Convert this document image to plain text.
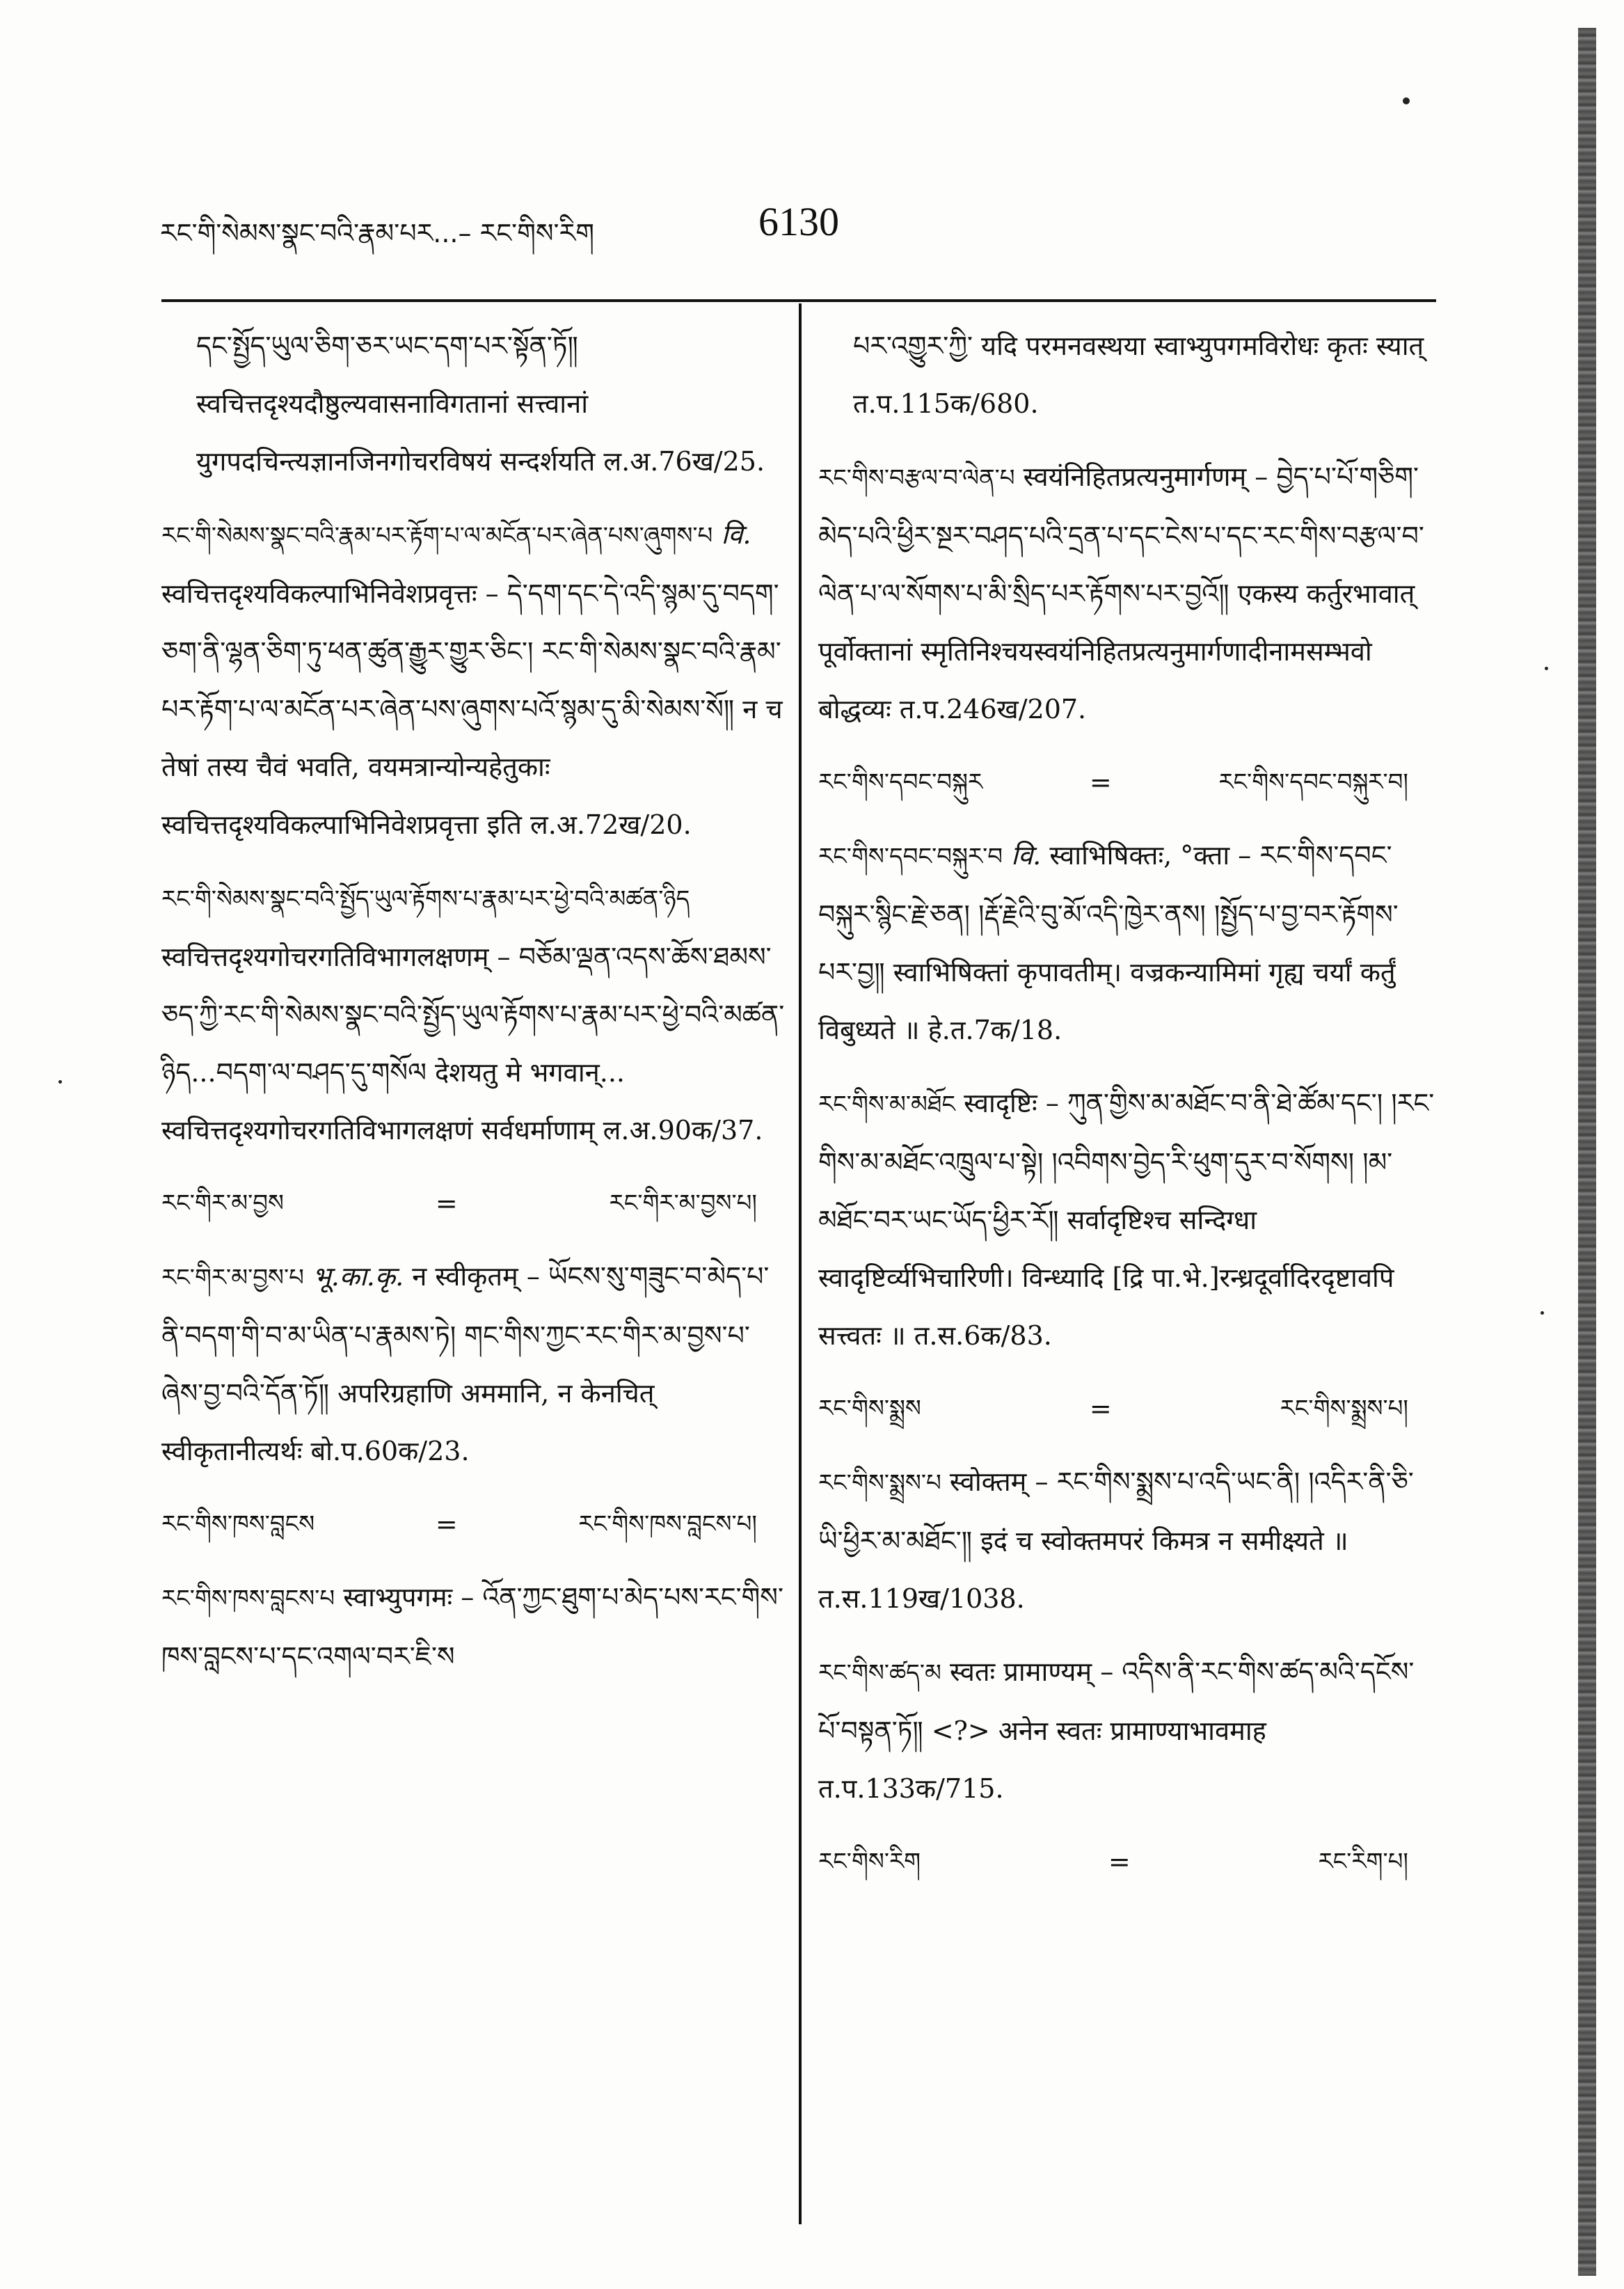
རང་གི་སེམས་སྣང་བའི་རྣམ་པར...– རང་གིས་རིག	6130

དང་སྤྱོད་ཡུལ་ཅིག་ཅར་ཡང་དག་པར་སྟོན་ཏོ༎ स्वचित्तदृश्यदौष्ठुल्यवासनाविगतानां सत्त्वानां युगपदचिन्त्यज्ञानजिनगोचरविषयं सन्दर्शयति ल.अ.76ख/25.

རང་གི་སེམས་སྣང་བའི་རྣམ་པར་རྟོག་པ་ལ་མངོན་པར་ཞེན་པས་ཞུགས་པ वि. स्वचित्तदृश्यविकल्पाभिनिवेशप्रवृत्तः – དེ་དག་དང་དེ་འདི་སྙམ་དུ་བདག་ཅག་ནི་ལྷན་ཅིག་ཏུ་ཕན་ཚུན་རྒྱུར་གྱུར་ཅིང་། རང་གི་སེམས་སྣང་བའི་རྣམ་པར་རྟོག་པ་ལ་མངོན་པར་ཞེན་པས་ཞུགས་པའོ་སྙམ་དུ་མི་སེམས་སོ༎ न च तेषां तस्य चैवं भवति, वयमत्रान्योन्यहेतुकाः स्वचित्तदृश्यविकल्पाभिनिवेशप्रवृत्ता इति ल.अ.72ख/20.

རང་གི་སེམས་སྣང་བའི་སྤྱོད་ཡུལ་རྟོགས་པ་རྣམ་པར་ཕྱེ་བའི་མཚན་ཉིད स्वचित्तदृश्यगोचरगतिविभागलक्षणम् – བཅོམ་ལྡན་འདས་ཆོས་ཐམས་ཅད་ཀྱི་རང་གི་སེམས་སྣང་བའི་སྤྱོད་ཡུལ་རྟོགས་པ་རྣམ་པར་ཕྱེ་བའི་མཚན་ཉིད...བདག་ལ་བཤད་དུ་གསོལ देशयतु मे भगवान्... स्वचित्तदृश्यगोचरगतिविभागलक्षणं सर्वधर्माणाम् ल.अ.90क/37.

རང་གིར་མ་བྱས	=	རང་གིར་མ་བྱས་པ།

རང་གིར་མ་བྱས་པ भू.का.कृ. न स्वीकृतम् – ཡོངས་སུ་གཟུང་བ་མེད་པ་ནི་བདག་གི་བ་མ་ཡིན་པ་རྣམས་ཏེ། གང་གིས་ཀྱང་རང་གིར་མ་བྱས་པ་ཞེས་བྱ་བའི་དོན་ཏོ༎ अपरिग्रहाणि अममानि, न केनचित् स्वीकृतानीत्यर्थः बो.प.60क/23.

རང་གིས་ཁས་བླངས	=	རང་གིས་ཁས་བླངས་པ།

རང་གིས་ཁས་བླངས་པ स्वाभ्युपगमः – འོན་ཀྱང་ཐུག་པ་མེད་པས་རང་གིས་ཁས་བླངས་པ་དང་འགལ་བར་ཇི་ས

པར་འགྱུར་ཀྱི་ यदि परमनवस्थया स्वाभ्युपगमविरोधः कृतः स्यात् त.प.115क/680.

རང་གིས་བརྩལ་བ་ལེན་པ स्वयंनिहितप्रत्यनुमार्गणम् – བྱེད་པ་པོ་གཅིག་མེད་པའི་ཕྱིར་སྔར་བཤད་པའི་དྲན་པ་དང་ངེས་པ་དང་རང་གིས་བརྩལ་བ་ལེན་པ་ལ་སོགས་པ་མི་སྲིད་པར་རྟོགས་པར་བྱའོ༎ एकस्य कर्तुरभावात् पूर्वोक्तानां स्मृतिनिश्चयस्वयंनिहितप्रत्यनुमार्गणादीनामसम्भवो बोद्धव्यः त.प.246ख/207.

རང་གིས་དབང་བསྐུར	=	རང་གིས་དབང་བསྐུར་བ།

རང་གིས་དབང་བསྐུར་བ वि. स्वाभिषिक्तः, °क्ता – རང་གིས་དབང་བསྐུར་སྙིང་རྗེ་ཅན། །རྡོ་རྗེའི་བུ་མོ་འདི་ཁྱེར་ནས། །སྤྱོད་པ་བྱ་བར་རྟོགས་པར་བྱ༎ स्वाभिषिक्तां कृपावतीम्। वज्रकन्यामिमां गृह्य चर्यां कर्तुं विबुध्यते ॥ हे.त.7क/18.

རང་གིས་མ་མཐོང स्वादृष्टिः – ཀུན་གྱིས་མ་མཐོང་བ་ནི་ཐེ་ཚོམ་དང་། །རང་གིས་མ་མཐོང་འཁྲུལ་པ་སྟེ། །འབིགས་བྱེད་རི་ཕུག་དུར་བ་སོགས། །མ་མཐོང་བར་ཡང་ཡོད་ཕྱིར་རོ༎ सर्वादृष्टिश्च सन्दिग्धा स्वादृष्टिर्व्यभिचारिणी। विन्ध्यादि [द्रि पा.भे.]रन्ध्रदूर्वादिरदृष्टावपि सत्त्वतः ॥ त.स.6क/83.

རང་གིས་སྨྲས	=	རང་གིས་སྨྲས་པ།

རང་གིས་སྨྲས་པ स्वोक्तम् – རང་གིས་སྨྲས་པ་འདི་ཡང་ནི། །འདིར་ནི་ཅི་ཡི་ཕྱིར་མ་མཐོང་༎ इदं च स्वोक्तमपरं किमत्र न समीक्ष्यते ॥ त.स.119ख/1038.

རང་གིས་ཚད་མ स्वतः प्रामाण्यम् – འདིས་ནི་རང་གིས་ཚད་མའི་དངོས་པོ་བསྟན་ཏོ༎ <?> अनेन स्वतः प्रामाण्याभावमाह त.प.133क/715.

རང་གིས་རིག	=	རང་རིག་པ།
